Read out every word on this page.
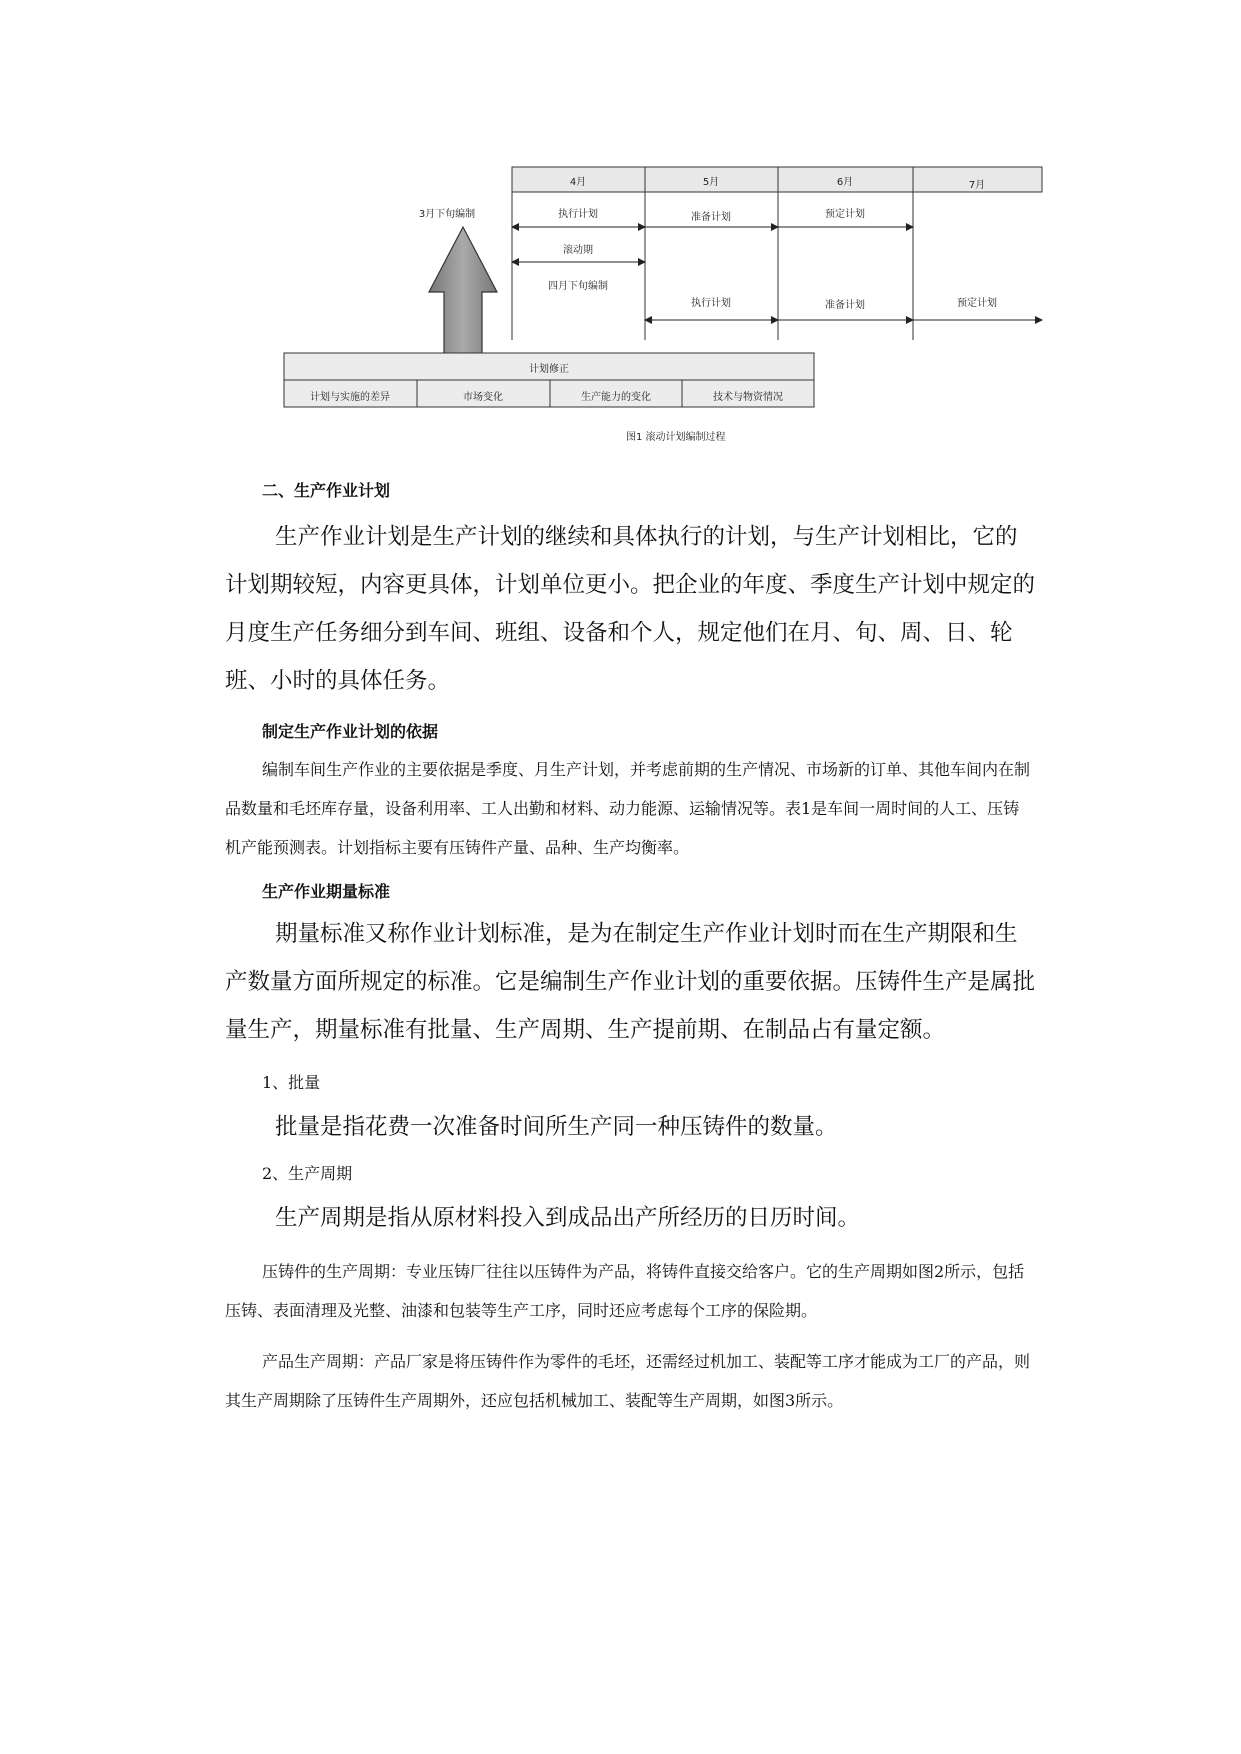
4月	5月	6月	7月
3月下旬编制	执行计划	准备计划	预定计划
滚动期
四月下旬编制
执行计划	准备计划	预定计划
计划修正
计划与实施的差异	市场变化	生产能力的变化	技术与物资情况
图1 滚动计划编制过程

二、生产作业计划

生产作业计划是生产计划的继续和具体执行的计划，与生产计划相比，它的计划期较短，内容更具体，计划单位更小。把企业的年度、季度生产计划中规定的月度生产任务细分到车间、班组、设备和个人，规定他们在月、旬、周、日、轮班、小时的具体任务。

制定生产作业计划的依据

编制车间生产作业的主要依据是季度、月生产计划，并考虑前期的生产情况、市场新的订单、其他车间内在制品数量和毛坯库存量，设备利用率、工人出勤和材料、动力能源、运输情况等。表1是车间一周时间的人工、压铸机产能预测表。计划指标主要有压铸件产量、品种、生产均衡率。

生产作业期量标准

期量标准又称作业计划标准，是为在制定生产作业计划时而在生产期限和生产数量方面所规定的标准。它是编制生产作业计划的重要依据。压铸件生产是属批量生产，期量标准有批量、生产周期、生产提前期、在制品占有量定额。

1、批量

批量是指花费一次准备时间所生产同一种压铸件的数量。

2、生产周期

生产周期是指从原材料投入到成品出产所经历的日历时间。

压铸件的生产周期：专业压铸厂往往以压铸件为产品，将铸件直接交给客户。它的生产周期如图2所示，包括压铸、表面清理及光整、油漆和包装等生产工序，同时还应考虑每个工序的保险期。

产品生产周期：产品厂家是将压铸件作为零件的毛坯，还需经过机加工、装配等工序才能成为工厂的产品，则其生产周期除了压铸件生产周期外，还应包括机械加工、装配等生产周期，如图3所示。
